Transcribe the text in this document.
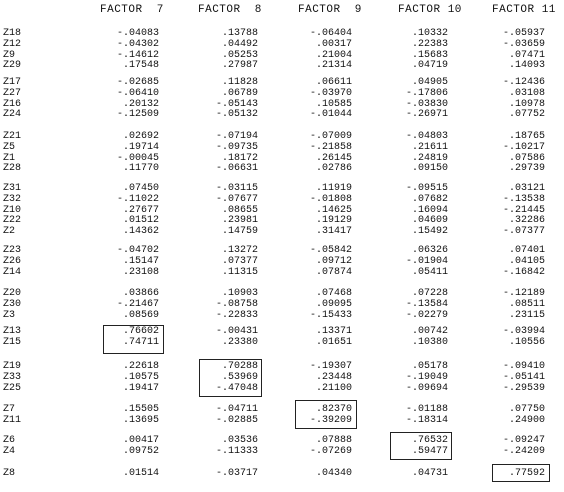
FACTOR  7	FACTOR  8	FACTOR  9	FACTOR 10	FACTOR 11
Z18	-.04083	.13788	-.06404	.10332	-.05937
Z12	-.04302	.04492	.00317	.22383	-.03659
Z9	-.14612	.05253	.21004	.15683	.07471
Z29	.17548	.27987	.21314	.04719	.14093
Z17	-.02685	.11828	.06611	.04905	-.12436
Z27	-.06410	.06789	-.03970	-.17806	.03108
Z16	.20132	-.05143	.10585	-.03830	.10978
Z24	-.12509	-.05132	-.01044	-.26971	.07752
Z21	.02692	-.07194	-.07009	-.04803	.18765
Z5	.19714	-.09735	-.21858	.21611	-.10217
Z1	-.00045	.18172	.26145	.24819	.07586
Z28	.11770	-.06631	.02786	.09150	.29739
Z31	.07450	-.03115	.11919	-.09515	.03121
Z32	-.11022	-.07677	-.01808	.07682	-.13538
Z10	.27677	.08655	.14625	.16094	-.21445
Z22	.01512	.23981	.19129	.04609	.32286
Z2	.14362	.14759	.31417	.15492	-.07377
Z23	-.04702	.13272	-.05842	.06326	.07401
Z26	.15147	.07377	.09712	-.01904	.04105
Z14	.23108	.11315	.07874	.05411	-.16842
Z20	.03866	.10903	.07468	.07228	-.12189
Z30	-.21467	-.08758	.09095	-.13584	.08511
Z3	.08569	-.22833	-.15433	-.02279	.23115
Z13	.76602	-.00431	.13371	.00742	-.03994
Z15	.74711	.23380	.01651	.10380	.10556
Z19	.22618	.70288	-.19307	.05178	-.09410
Z33	.10575	.53969	.23448	-.19049	-.05141
Z25	.19417	-.47048	.21100	-.09694	-.29539
Z7	.15505	-.04711	.82370	-.01188	.07750
Z11	.13695	-.02885	-.39209	-.18314	.24900
Z6	.00417	.03536	.07888	.76532	-.09247
Z4	.09752	-.11333	-.07269	.59477	-.24209
Z8	.01514	-.03717	.04340	.04731	.77592
